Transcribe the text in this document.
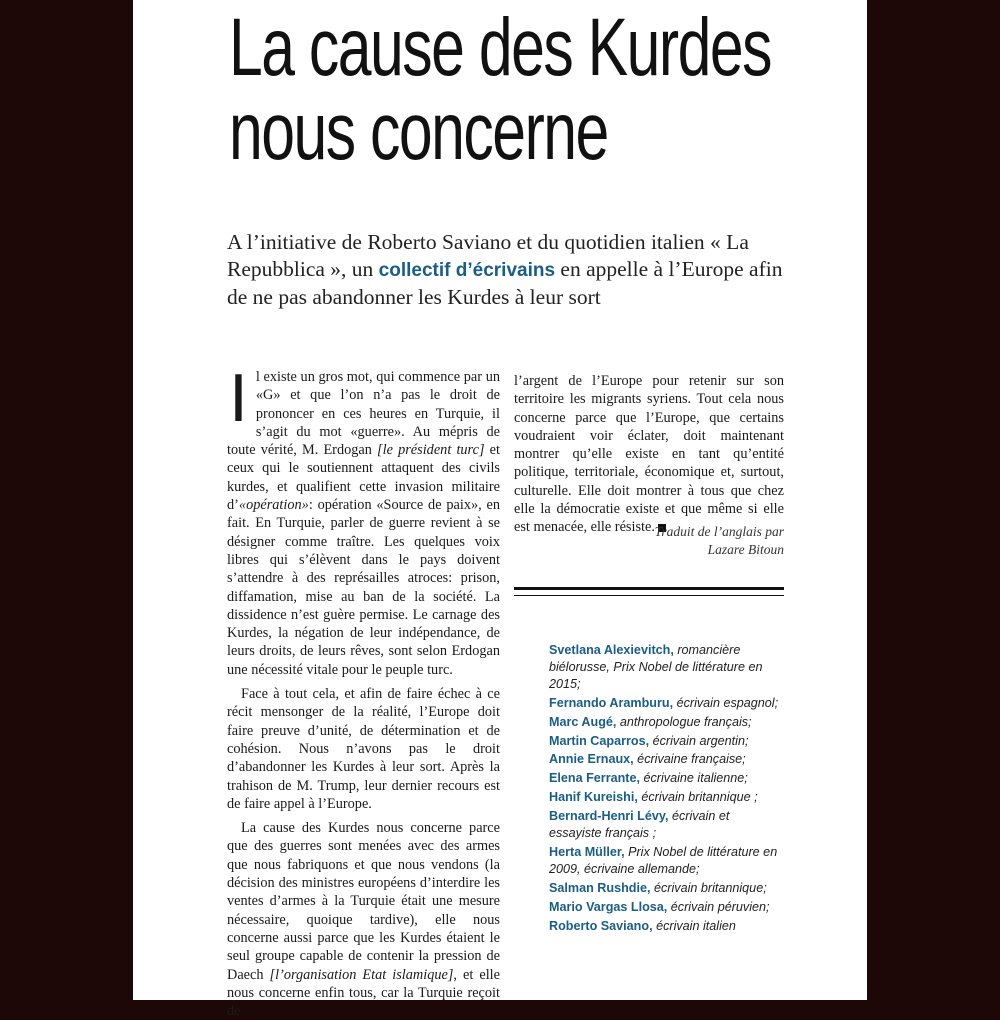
La cause des Kurdes
nous concerne
A l’initiative de Roberto Saviano et du quotidien italien « La Repubblica », un collectif d’écrivains en appelle à l’Europe afin de ne pas abandonner les Kurdes à leur sort

Il existe un gros mot, qui commence par un «G» et que l’on n’a pas le droit de prononcer en ces heures en Turquie, il s’agit du mot «guerre». Au mépris de toute vérité, M. Erdogan [le président turc] et ceux qui le soutiennent attaquent des civils kurdes, et qualifient cette invasion militaire d’«opération»: opération «Source de paix», en fait. En Turquie, parler de guerre revient à se désigner comme traître. Les quelques voix libres qui s’élèvent dans le pays doivent s’attendre à des représailles atroces: prison, diffamation, mise au ban de la société. La dissidence n’est guère permise. Le carnage des Kurdes, la négation de leur indépendance, de leurs droits, de leurs rêves, sont selon Erdogan une nécessité vitale pour le peuple turc.

Face à tout cela, et afin de faire échec à ce récit mensonger de la réalité, l’Europe doit faire preuve d’unité, de détermination et de cohésion. Nous n’avons pas le droit d’abandonner les Kurdes à leur sort. Après la trahison de M. Trump, leur dernier recours est de faire appel à l’Europe.

La cause des Kurdes nous concerne parce que des guerres sont menées avec des armes que nous fabriquons et que nous vendons (la décision des ministres européens d’interdire les ventes d’armes à la Turquie était une mesure nécessaire, quoique tardive), elle nous concerne aussi parce que les Kurdes étaient le seul groupe capable de contenir la pression de Daech [l’organisation Etat islamique], et elle nous concerne enfin tous, car la Turquie reçoit de

l’argent de l’Europe pour retenir sur son territoire les migrants syriens. Tout cela nous concerne parce que l’Europe, que certains voudraient voir éclater, doit maintenant montrer qu’elle existe en tant qu’entité politique, territoriale, économique et, surtout, culturelle. Elle doit montrer à tous que chez elle la démocratie existe et que même si elle est menacée, elle résiste. Traduit de l’anglais par
Lazare Bitoun
Svetlana Alexievitch, romancière biélorusse, Prix Nobel de littérature en 2015;
Fernando Aramburu, écrivain espagnol;
Marc Augé, anthropologue français;
Martin Caparros, écrivain argentin;
Annie Ernaux, écrivaine française;
Elena Ferrante, écrivaine italienne;
Hanif Kureishi, écrivain britannique ;
Bernard-Henri Lévy, écrivain et essayiste français ;
Herta Müller, Prix Nobel de littérature en 2009, écrivaine allemande;
Salman Rushdie, écrivain britannique;
Mario Vargas Llosa, écrivain péruvien;
Roberto Saviano, écrivain italien
